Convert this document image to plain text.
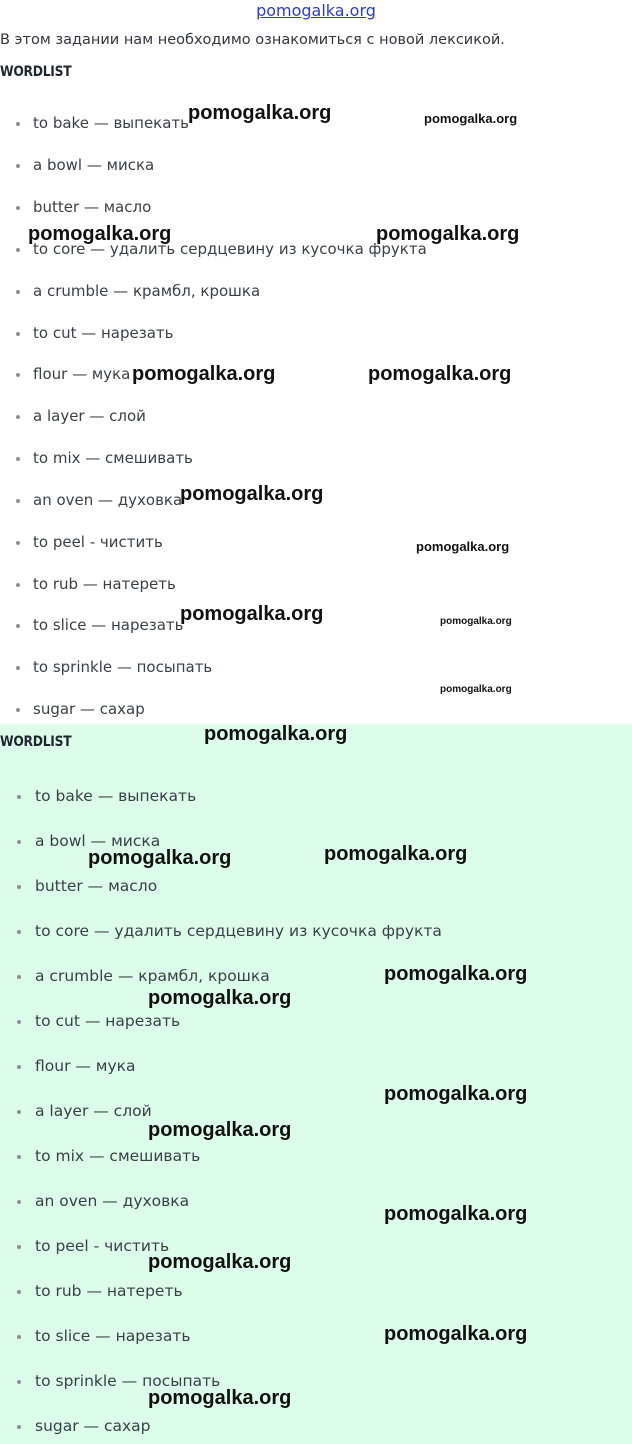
pomogalka.org
В этом задании нам необходимо ознакомиться с новой лексикой.
WORDLIST
to bake — выпекать
a bowl — миска
butter — масло
to core — удалить сердцевину из кусочка фрукта
a crumble — крамбл, крошка
to cut — нарезать
flour — мука
a layer — слой
to mix — смешивать
an oven — духовка
to peel - чистить
to rub — натереть
to slice — нарезать
to sprinkle — посыпать
sugar — сахар
WORDLIST
to bake — выпекать
a bowl — миска
butter — масло
to core — удалить сердцевину из кусочка фрукта
a crumble — крамбл, крошка
to cut — нарезать
flour — мука
a layer — слой
to mix — смешивать
an oven — духовка
to peel - чистить
to rub — натереть
to slice — нарезать
to sprinkle — посыпать
sugar — сахар
pomogalka.org	pomogalka.org
pomogalka.org	pomogalka.org
pomogalka.org	pomogalka.org
pomogalka.org
pomogalka.org
pomogalka.org	pomogalka.org
pomogalka.org
pomogalka.org
pomogalka.org	pomogalka.org
pomogalka.org
pomogalka.org
pomogalka.org
pomogalka.org
pomogalka.org
pomogalka.org
pomogalka.org
pomogalka.org
